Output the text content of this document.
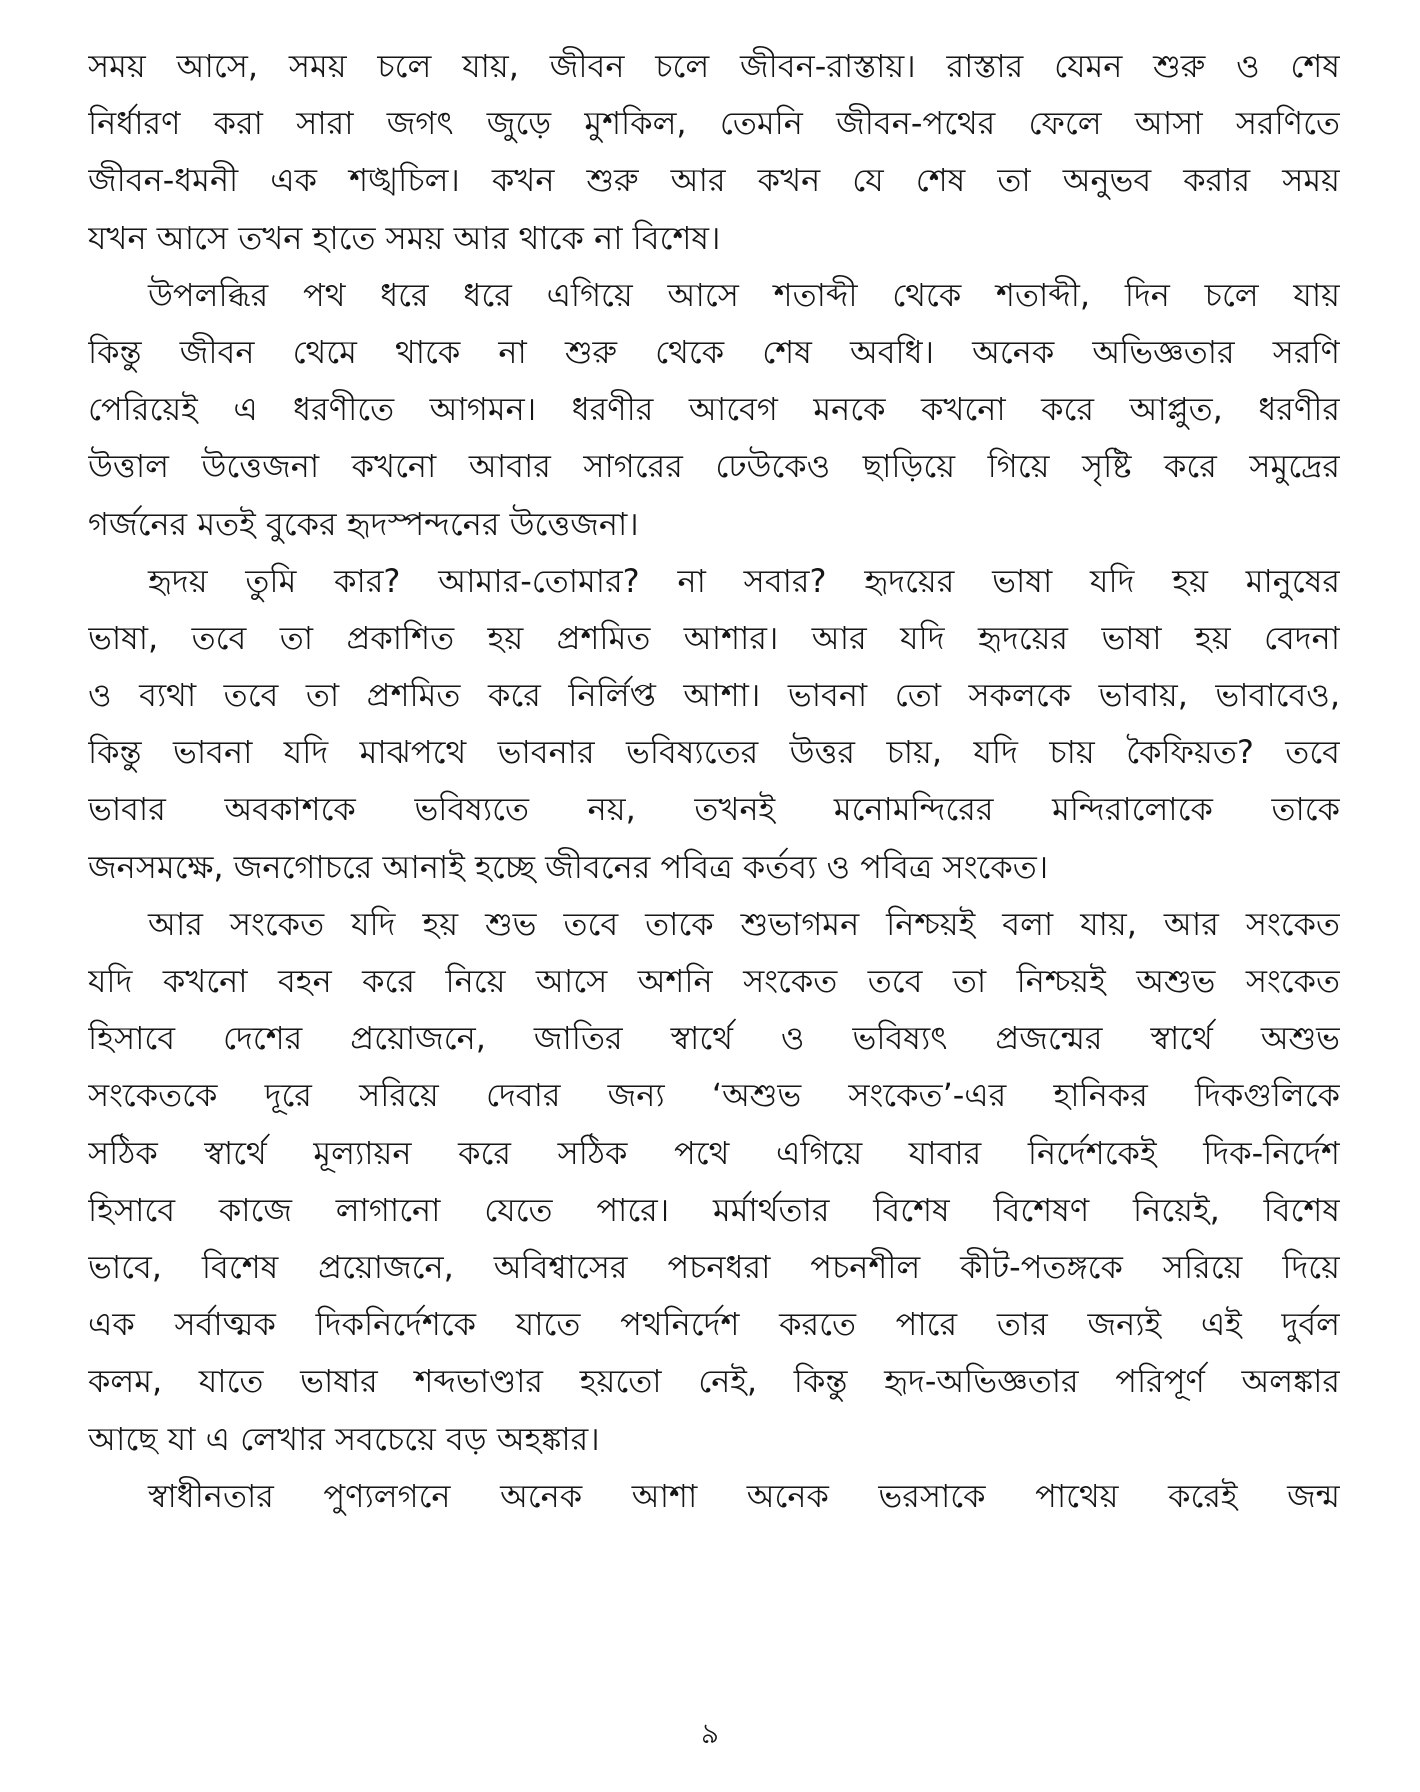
সময় আসে, সময় চলে যায়, জীবন চলে জীবন-রাস্তায়। রাস্তার যেমন শুরু ও শেষ
নির্ধারণ করা সারা জগৎ জুড়ে মুশকিল, তেমনি জীবন-পথের ফেলে আসা সরণিতে
জীবন-ধমনী এক শঙ্খচিল। কখন শুরু আর কখন যে শেষ তা অনুভব করার সময়
যখন আসে তখন হাতে সময় আর থাকে না বিশেষ।
উপলব্ধির পথ ধরে ধরে এগিয়ে আসে শতাব্দী থেকে শতাব্দী, দিন চলে যায়
কিন্তু জীবন থেমে থাকে না শুরু থেকে শেষ অবধি। অনেক অভিজ্ঞতার সরণি
পেরিয়েই এ ধরণীতে আগমন। ধরণীর আবেগ মনকে কখনো করে আপ্লুত, ধরণীর
উত্তাল উত্তেজনা কখনো আবার সাগরের ঢেউকেও ছাড়িয়ে গিয়ে সৃষ্টি করে সমুদ্রের
গর্জনের মতই বুকের হৃদস্পন্দনের উত্তেজনা।
হৃদয় তুমি কার? আমার-তোমার? না সবার? হৃদয়ের ভাষা যদি হয় মানুষের
ভাষা, তবে তা প্রকাশিত হয় প্রশমিত আশার। আর যদি হৃদয়ের ভাষা হয় বেদনা
ও ব্যথা তবে তা প্রশমিত করে নির্লিপ্ত আশা। ভাবনা তো সকলকে ভাবায়, ভাবাবেও,
কিন্তু ভাবনা যদি মাঝপথে ভাবনার ভবিষ্যতের উত্তর চায়, যদি চায় কৈফিয়ত? তবে
ভাবার অবকাশকে ভবিষ্যতে নয়, তখনই মনোমন্দিরের মন্দিরালোকে তাকে
জনসমক্ষে, জনগোচরে আনাই হচ্ছে জীবনের পবিত্র কর্তব্য ও পবিত্র সংকেত।
আর সংকেত যদি হয় শুভ তবে তাকে শুভাগমন নিশ্চয়ই বলা যায়, আর সংকেত
যদি কখনো বহন করে নিয়ে আসে অশনি সংকেত তবে তা নিশ্চয়ই অশুভ সংকেত
হিসাবে দেশের প্রয়োজনে, জাতির স্বার্থে ও ভবিষ্যৎ প্রজন্মের স্বার্থে অশুভ
সংকেতকে দূরে সরিয়ে দেবার জন্য ‘অশুভ সংকেত’-এর হানিকর দিকগুলিকে
সঠিক স্বার্থে মূল্যায়ন করে সঠিক পথে এগিয়ে যাবার নির্দেশকেই দিক-নির্দেশ
হিসাবে কাজে লাগানো যেতে পারে। মর্মার্থতার বিশেষ বিশেষণ নিয়েই, বিশেষ
ভাবে, বিশেষ প্রয়োজনে, অবিশ্বাসের পচনধরা পচনশীল কীট-পতঙ্গকে সরিয়ে দিয়ে
এক সর্বাত্মক দিকনির্দেশকে যাতে পথনির্দেশ করতে পারে তার জন্যই এই দুর্বল
কলম, যাতে ভাষার শব্দভাণ্ডার হয়তো নেই, কিন্তু হৃদ-অভিজ্ঞতার পরিপূর্ণ অলঙ্কার
আছে যা এ লেখার সবচেয়ে বড় অহঙ্কার।
স্বাধীনতার পুণ্যলগনে অনেক আশা অনেক ভরসাকে পাথেয় করেই জন্ম
৯
